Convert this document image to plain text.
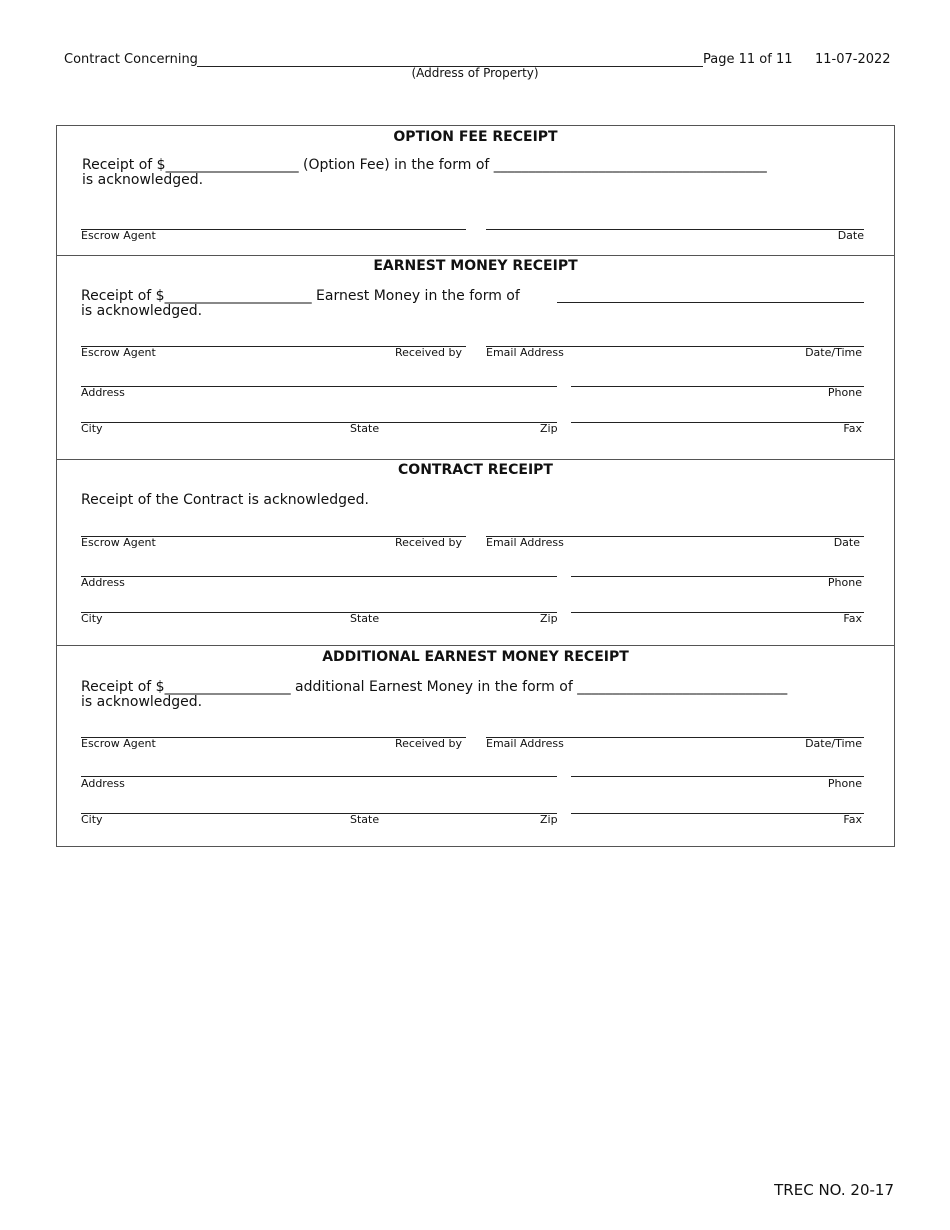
Contract Concerning
(Address of Property)
Page 11 of 11 11-07-2022
OPTION FEE RECEIPT
Receipt of $___________________ (Option Fee) in the form of _______________________________________
is acknowledged.
Escrow Agent	Date
EARNEST MONEY RECEIPT
Receipt of $_____________________ Earnest Money in the form of
is acknowledged.
Escrow Agent	Received by Email Address	Date/Time
Address	Phone
City	State	Zip	Fax
CONTRACT RECEIPT
Receipt of the Contract is acknowledged.
Escrow Agent	Received by Email Address	Date
Address	Phone
City	State	Zip	Fax
ADDITIONAL EARNEST MONEY RECEIPT
Receipt of $__________________ additional Earnest Money in the form of ______________________________
is acknowledged.
Escrow Agent	Received by Email Address	Date/Time
Address	Phone
City	State	Zip	Fax
TREC NO. 20-17
